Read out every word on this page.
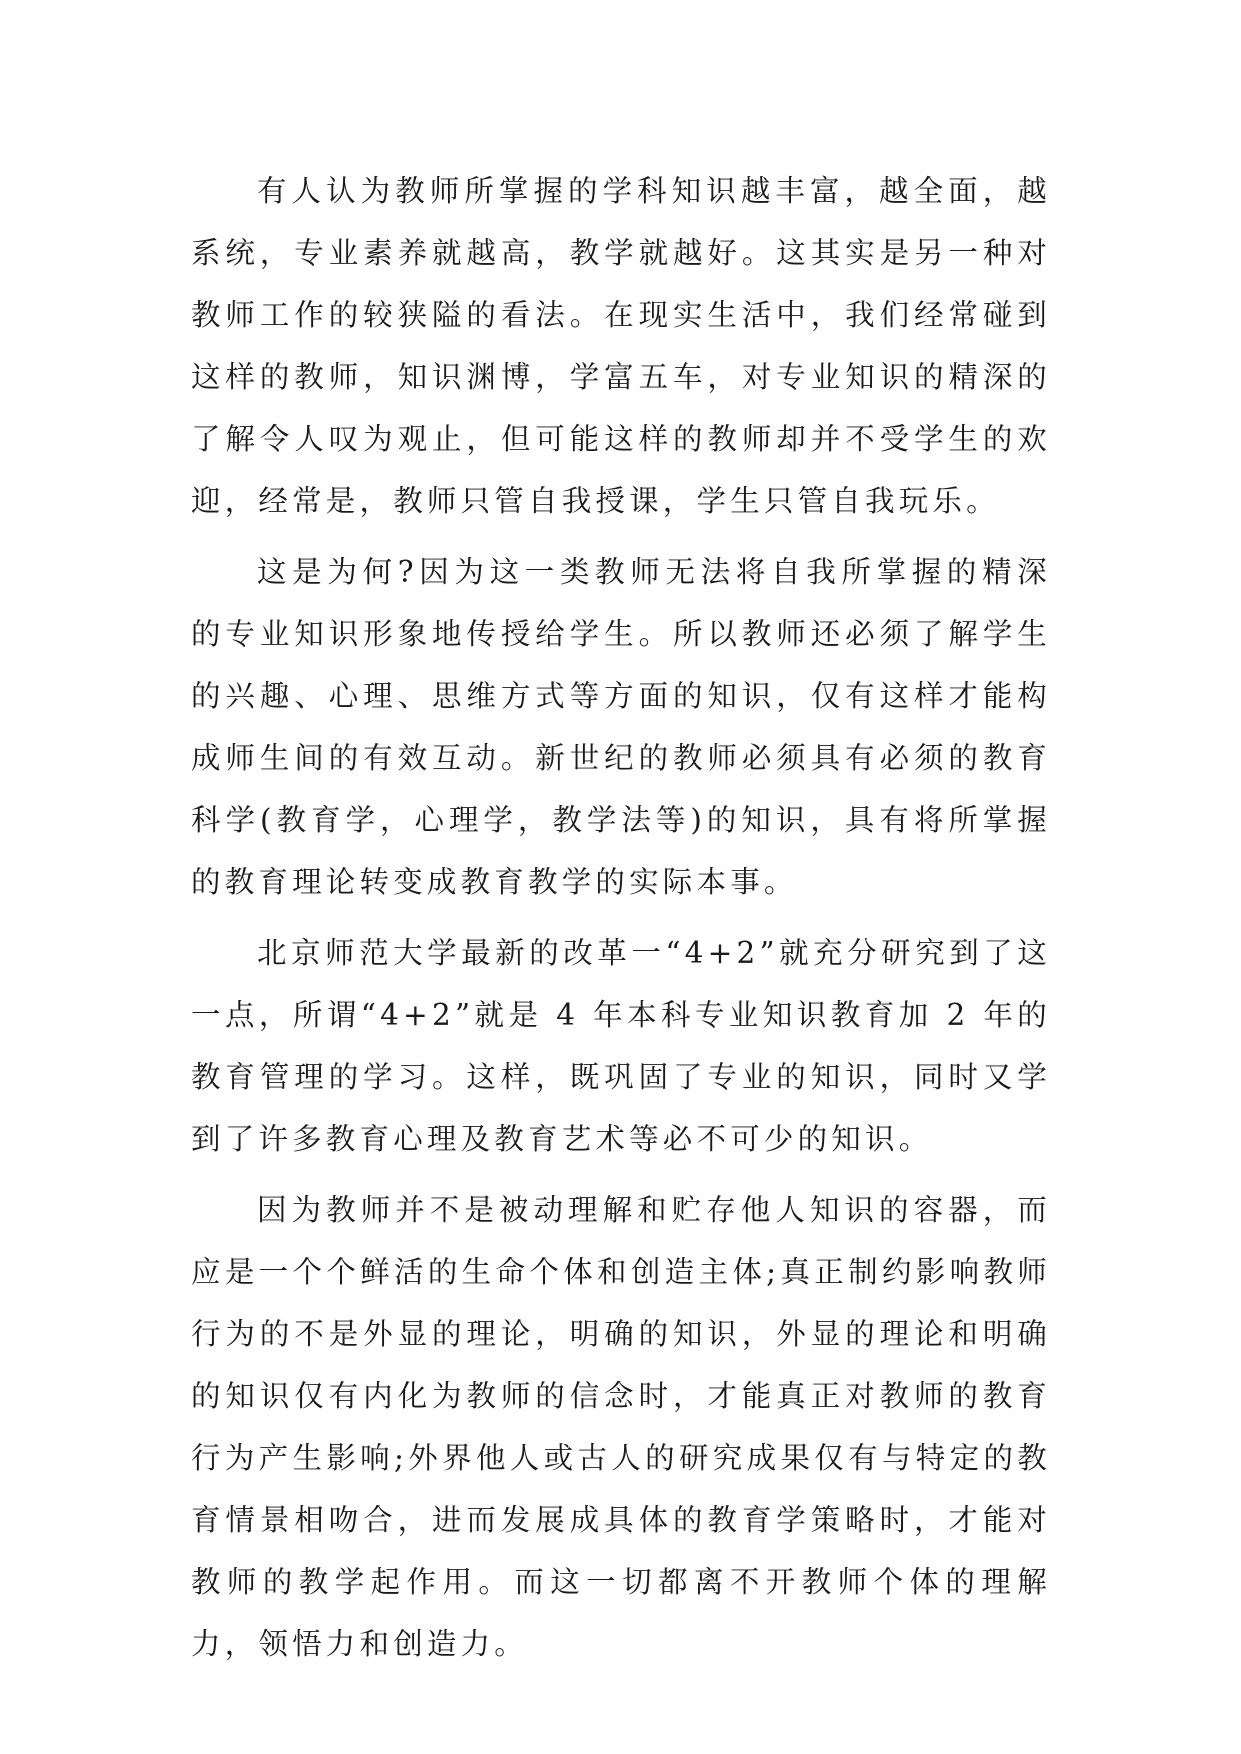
有人认为教师所掌握的学科知识越丰富，越全面，越系统，专业素养就越高，教学就越好。这其实是另一种对教师工作的较狭隘的看法。在现实生活中，我们经常碰到这样的教师，知识渊博，学富五车，对专业知识的精深的了解令人叹为观止，但可能这样的教师却并不受学生的欢迎，经常是，教师只管自我授课，学生只管自我玩乐。

这是为何?因为这一类教师无法将自我所掌握的精深的专业知识形象地传授给学生。所以教师还必须了解学生的兴趣、心理、思维方式等方面的知识，仅有这样才能构成师生间的有效互动。新世纪的教师必须具有必须的教育科学(教育学，心理学，教学法等)的知识，具有将所掌握的教育理论转变成教育教学的实际本事。

北京师范大学最新的改革一“4+2”就充分研究到了这一点，所谓“4+2”就是 4 年本科专业知识教育加 2 年的教育管理的学习。这样，既巩固了专业的知识，同时又学到了许多教育心理及教育艺术等必不可少的知识。

因为教师并不是被动理解和贮存他人知识的容器，而应是一个个鲜活的生命个体和创造主体;真正制约影响教师行为的不是外显的理论，明确的知识，外显的理论和明确的知识仅有内化为教师的信念时，才能真正对教师的教育行为产生影响;外界他人或古人的研究成果仅有与特定的教育情景相吻合，进而发展成具体的教育学策略时，才能对教师的教学起作用。而这一切都离不开教师个体的理解力，领悟力和创造力。
